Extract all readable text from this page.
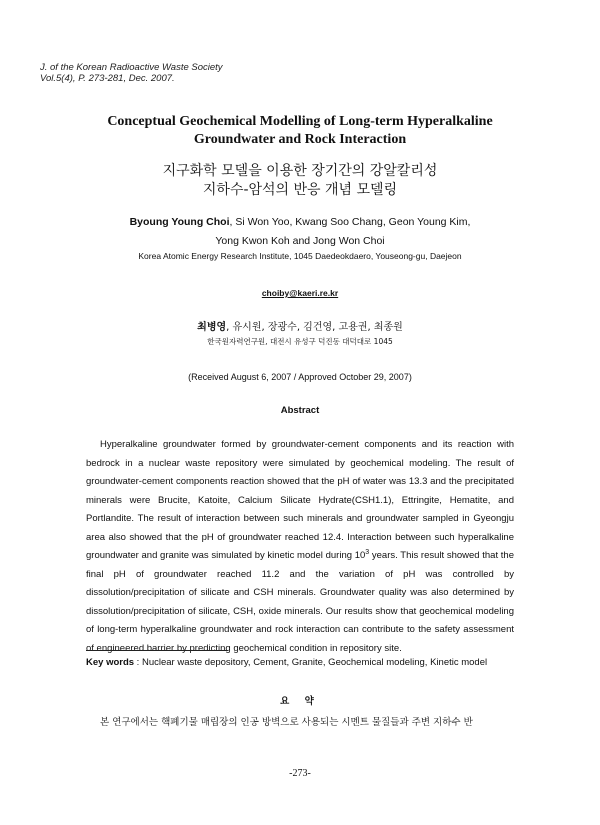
J. of the Korean Radioactive Waste Society
Vol.5(4), P. 273-281, Dec. 2007.
Conceptual Geochemical Modelling of Long-term Hyperalkaline
Groundwater and Rock Interaction
지구화학 모델을 이용한 장기간의 강알칼리성
지하수-암석의 반응 개념 모델링
Byoung Young Choi, Si Won Yoo, Kwang Soo Chang, Geon Young Kim,
Yong Kwon Koh and Jong Won Choi
Korea Atomic Energy Research Institute, 1045 Daedeokdaero, Youseong-gu, Daejeon
choiby@kaeri.re.kr
최병영, 유시원, 장광수, 김건영, 고용권, 최종원
한국원자력연구원, 대전시 유성구 덕진동 대덕대로 1045
(Received August 6, 2007 / Approved October 29, 2007)
Abstract

Hyperalkaline groundwater formed by groundwater-cement components and its reaction with bedrock in a nuclear waste repository were simulated by geochemical modeling. The result of groundwater-cement components reaction showed that the pH of water was 13.3 and the precipitated minerals were Brucite, Katoite, Calcium Silicate Hydrate(CSH1.1), Ettringite, Hematite, and Portlandite. The result of interaction between such minerals and groundwater sampled in Gyeongju area also showed that the pH of groundwater reached 12.4. Interaction between such hyperalkaline groundwater and granite was simulated by kinetic model during $10^3$ years. This result showed that the final pH of groundwater reached 11.2 and the variation of pH was controlled by dissolution/precipitation of silicate and CSH minerals. Groundwater quality was also determined by dissolution/precipitation of silicate, CSH, oxide minerals. Our results show that geochemical modeling of long-term hyperalkaline groundwater and rock interaction can contribute to the safety assessment of engineered barrier by predicting geochemical condition in repository site.

Key words : Nuclear waste depository, Cement, Granite, Geochemical modeling, Kinetic model
요 약
본 연구에서는 핵폐기물 매립장의 인공 방벽으로 사용되는 시멘트 물질들과 주변 지하수 반
-273-
